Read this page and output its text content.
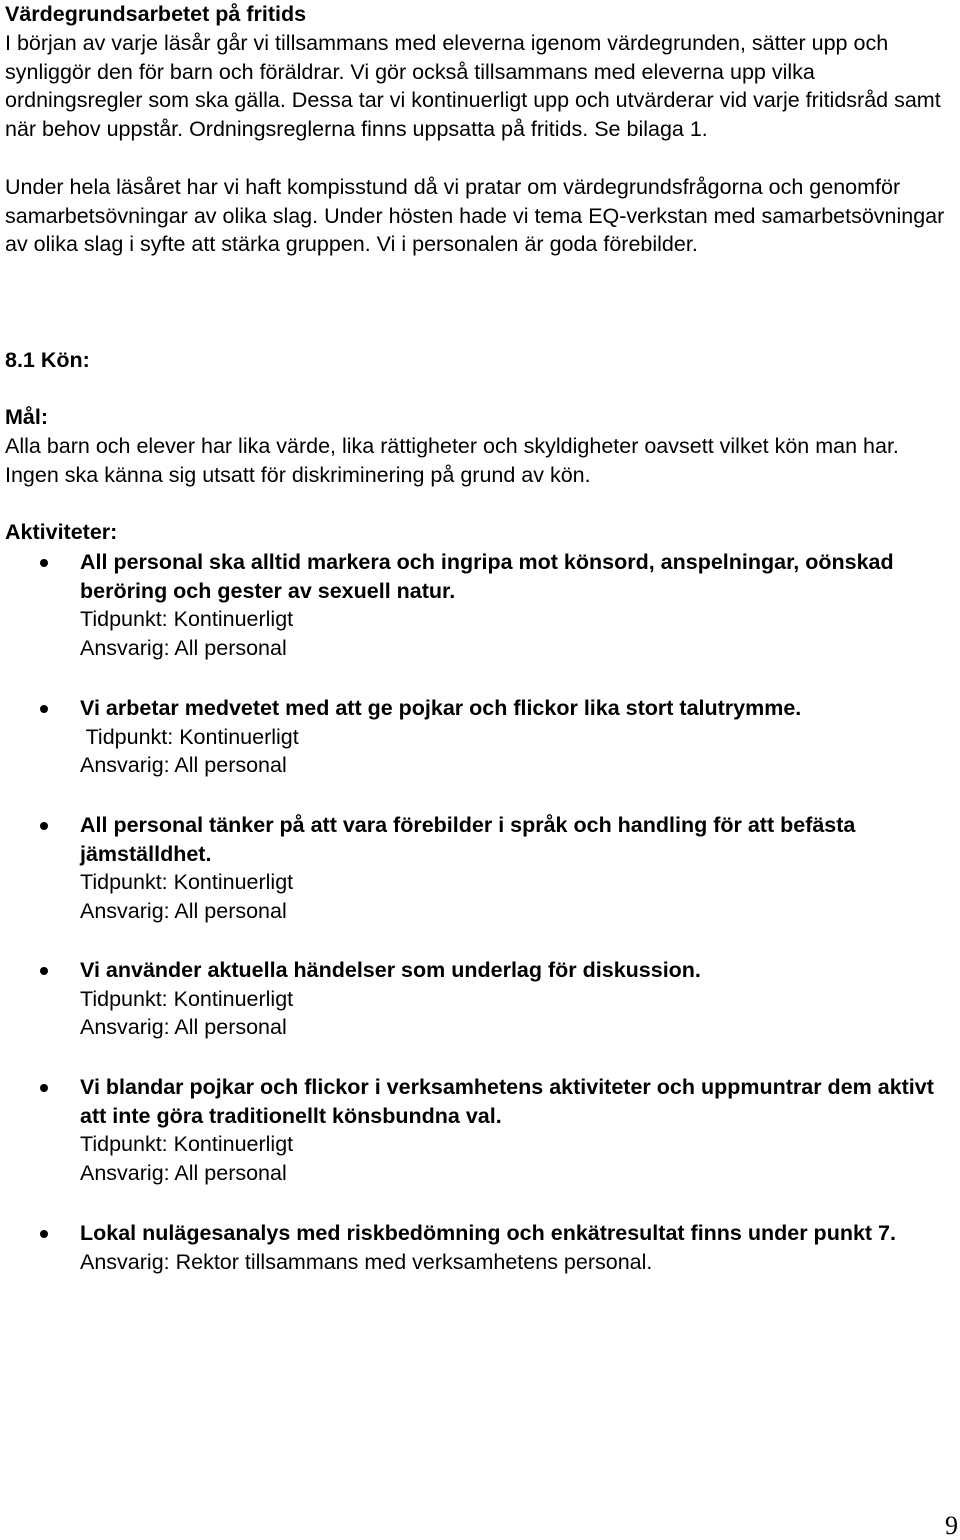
Värdegrundsarbetet på fritids
I början av varje läsår går vi tillsammans med eleverna igenom värdegrunden, sätter upp och synliggör den för barn och föräldrar. Vi gör också tillsammans med eleverna upp vilka ordningsregler som ska gälla. Dessa tar vi kontinuerligt upp och utvärderar vid varje fritidsråd samt när behov uppstår. Ordningsreglerna finns uppsatta på fritids. Se bilaga 1.
Under hela läsåret har vi haft kompisstund då vi pratar om värdegrundsfrågorna och genomför samarbetsövningar av olika slag. Under hösten hade vi tema EQ-verkstan med samarbetsövningar av olika slag i syfte att stärka gruppen. Vi i personalen är goda förebilder.
8.1 Kön:
Mål:
Alla barn och elever har lika värde, lika rättigheter och skyldigheter oavsett vilket kön man har. Ingen ska känna sig utsatt för diskriminering på grund av kön.
Aktiviteter:
All personal ska alltid markera och ingripa mot könsord, anspelningar, oönskad beröring och gester av sexuell natur.
Tidpunkt: Kontinuerligt
Ansvarig: All personal
Vi arbetar medvetet med att ge pojkar och flickor lika stort talutrymme.
Tidpunkt: Kontinuerligt
Ansvarig: All personal
All personal tänker på att vara förebilder i språk och handling för att befästa jämställdhet.
Tidpunkt: Kontinuerligt
Ansvarig: All personal
Vi använder aktuella händelser som underlag för diskussion.
Tidpunkt: Kontinuerligt
Ansvarig: All personal
Vi blandar pojkar och flickor i verksamhetens aktiviteter och uppmuntrar dem aktivt att inte göra traditionellt könsbundna val.
Tidpunkt: Kontinuerligt
Ansvarig: All personal
Lokal nulägesanalys med riskbedömning och enkätresultat finns under punkt 7.
Ansvarig: Rektor tillsammans med verksamhetens personal.
9
